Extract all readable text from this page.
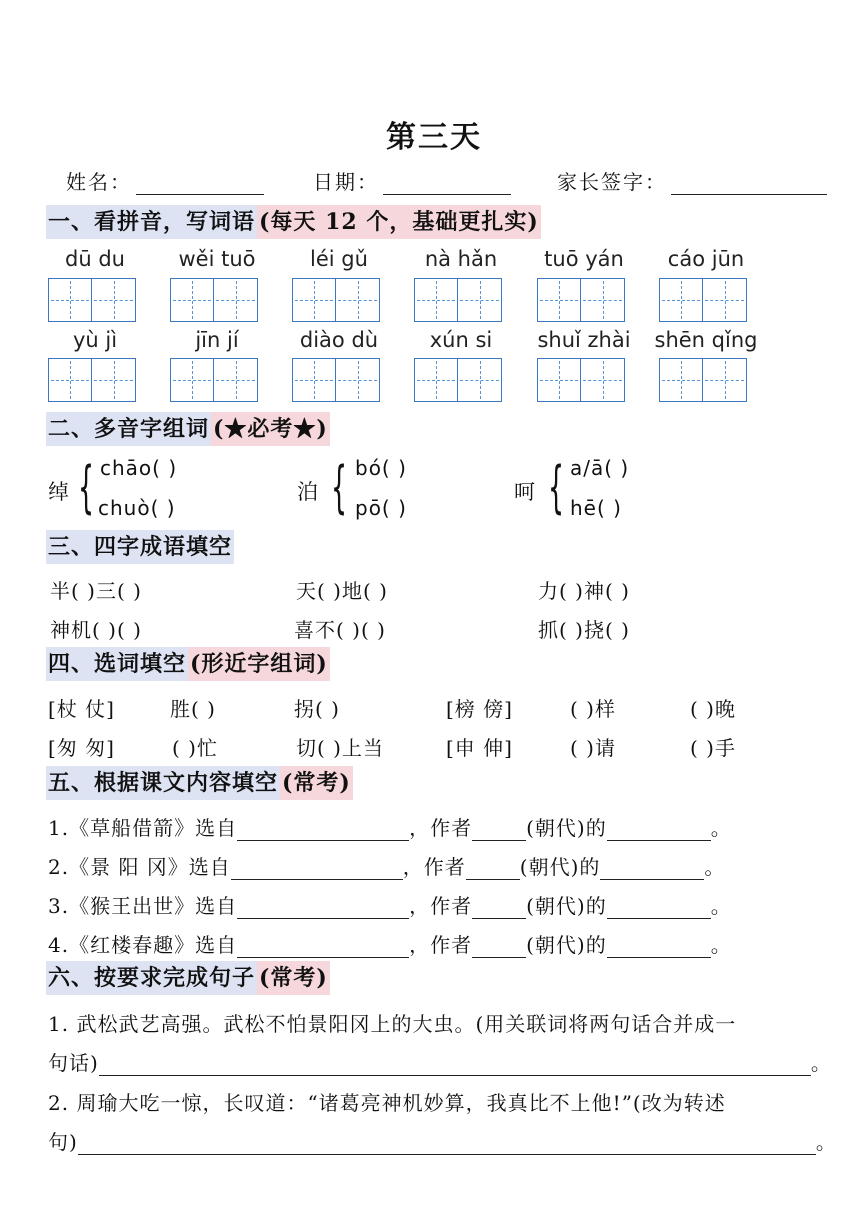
第三天
姓名：	日期：	家长签字：
一、看拼音，写词语 (每天 12 个，基础更扎实)
dū du	wěi tuō	léi gǔ	nà hǎn	tuō yán	cáo jūn
yù jì	jīn jí	diào dù	xún si	shuǐ zhài	shēn qǐng
二、多音字组词 (★必考★)
绰 { chāo( )
chuò( )
泊 { bó( )
pō( )
呵 { a/ā( )
hē( )
三、四字成语填空
半( )三( )	天( )地( )	力( )神( )
神机( )( )	喜不( )( )	抓( )挠( )
四、选词填空 (形近字组词)
[杖 仗]	胜( )	拐( )	[榜 傍]	( )样	( )晚
[匆 匆]	( )忙	切( )上当	[申 伸]	( )请	( )手
五、根据课文内容填空 (常考)
1.《草船借箭》选自	，作者	(朝代)的	。
2.《景 阳 冈》选自	，作者	(朝代)的	。
3.《猴王出世》选自	，作者	(朝代)的	。
4.《红楼春趣》选自	，作者	(朝代)的	。
六、按要求完成句子 (常考)
1. 武松武艺高强。武松不怕景阳冈上的大虫。(用关联词将两句话合并成一
句话)	。
2. 周瑜大吃一惊，长叹道：“诸葛亮神机妙算，我真比不上他!”(改为转述
句)	。
